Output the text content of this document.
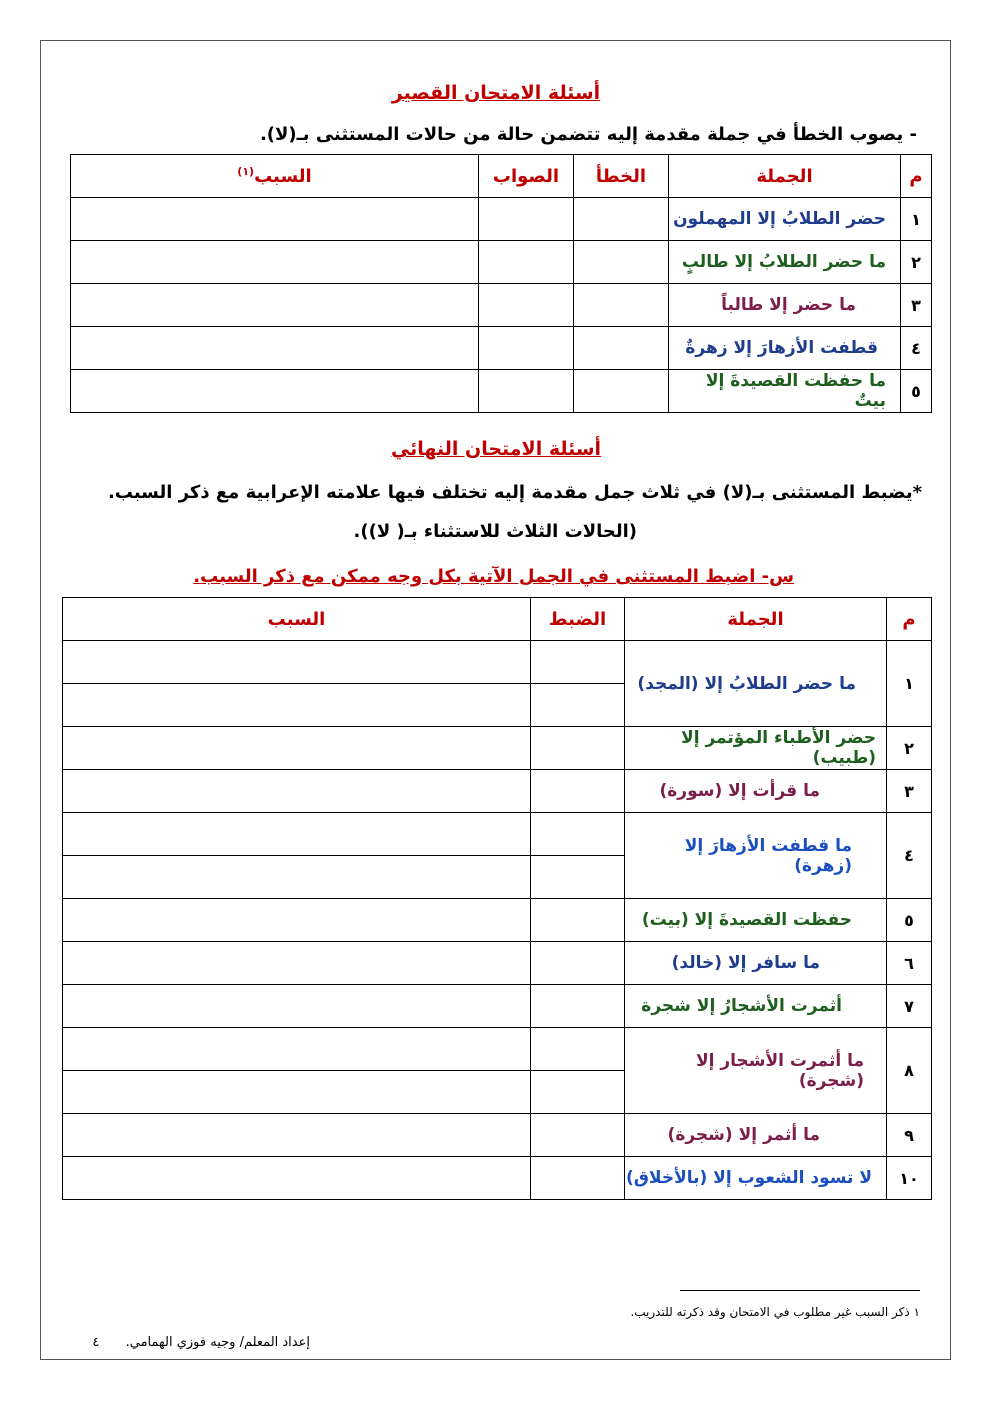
أسئلة الامتحان القصير
- يصوب الخطأ في جملة مقدمة إليه تتضمن حالة من حالات المستثنى بـ(لا).
م	الجملة	الخطأ	الصواب	السبب$^{(١)}$
١	حضر الطلابُ إلا المهملون			
٢	ما حضر الطلابُ إلا طالبٍ			
٣	ما حضر إلا طالباً			
٤	قطفت الأزهارَ إلا زهرةٌ			
٥	ما حفظت القصيدةَ إلا بيتٌ			
أسئلة الامتحان النهائي
*يضبط المستثنى بـ(لا) في ثلاث جمل مقدمة إليه تختلف فيها علامته الإعرابية مع ذكر السبب.
(الحالات الثلاث للاستثناء بـ( لا)).
س- اضبط المستثنى في الجمل الآتية بكل وجه ممكن مع ذكر السبب.
م	الجملة	الضبط	السبب
١	ما حضر الطلابُ إلا (المجد)		

٢	حضر الأطباء المؤتمر إلا (طبيب)		
٣	ما قرأت إلا (سورة)		
٤	ما قطفت الأزهارَ إلا (زهرة)		

٥	حفظت القصيدةَ إلا (بيت)		
٦	ما سافر إلا (خالد)		
٧	أثمرت الأشجارُ إلا شجرة		
٨	ما أثمرت الأشجار إلا (شجرة)		

٩	ما أثمر إلا (شجرة)		
١٠	لا تسود الشعوب إلا (بالأخلاق)		
١ ذكر السبب غير مطلوب في الامتحان وقد ذكرته للتدريب.
إعداد المعلم/ وجيه فوزي الهمامي.  ٤
